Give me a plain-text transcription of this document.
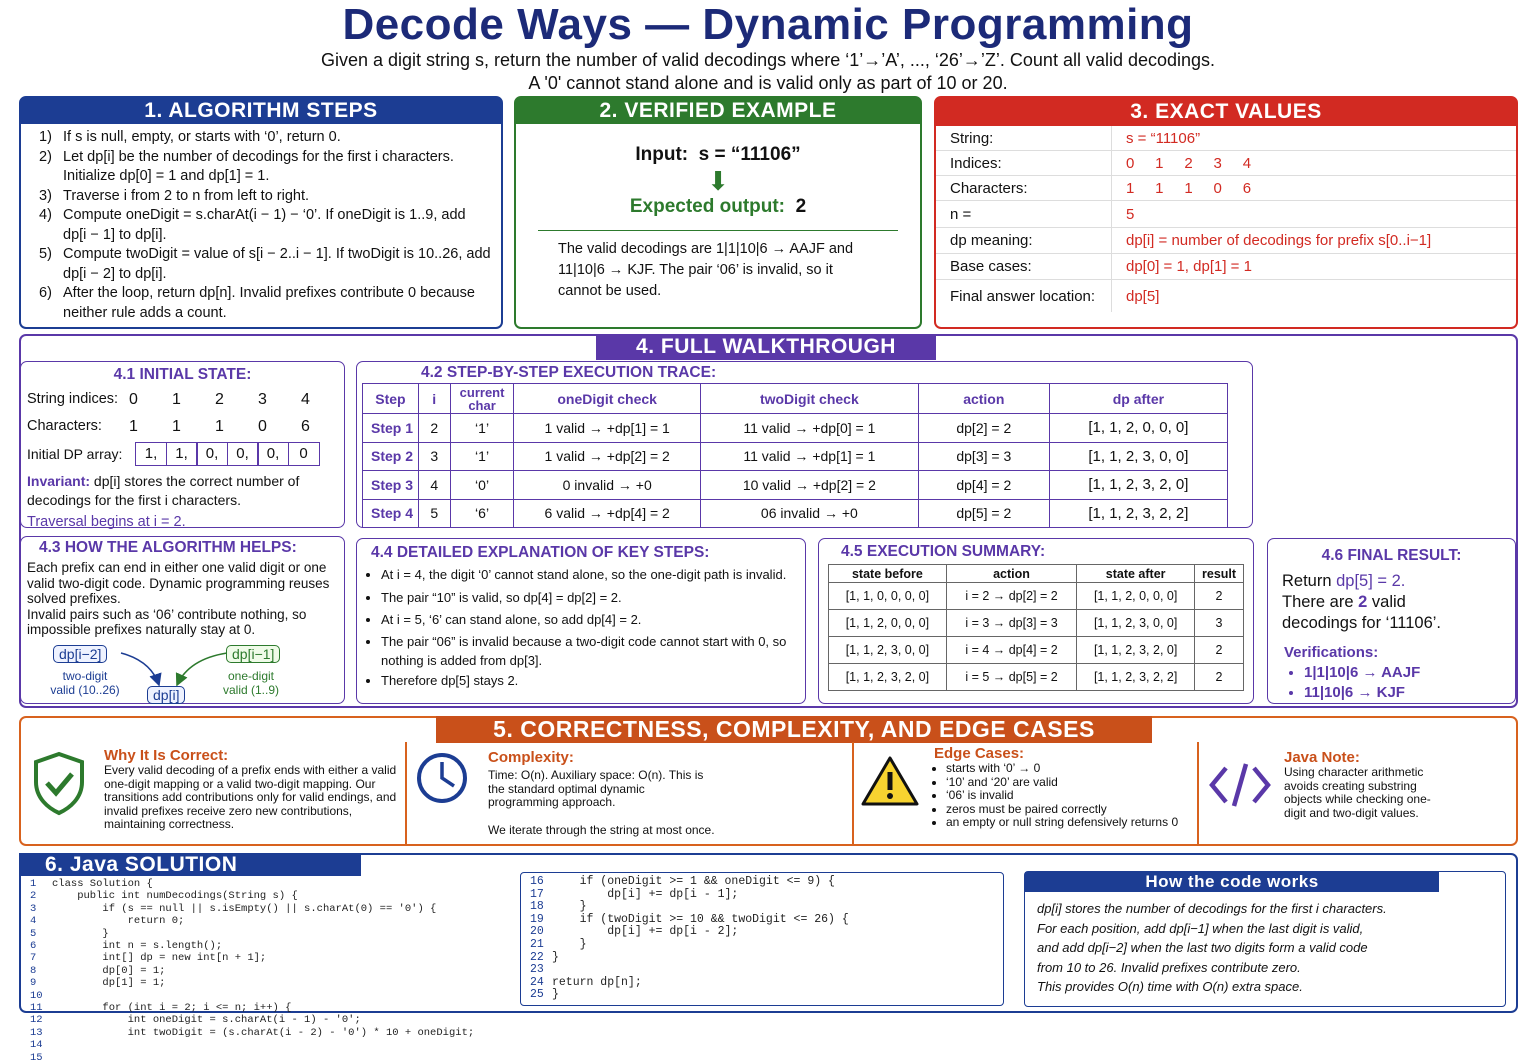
Decode Ways — Dynamic Programming
Given a digit string s, return the number of valid decodings where ‘1’→’A’, ..., ‘26’→’Z’. Count all valid decodings.
A '0' cannot stand alone and is valid only as part of 10 or 20.
1. ALGORITHM STEPS
1) If s is null, empty, or starts with ‘0’, return 0.
2) Let dp[i] be the number of decodings for the first i characters. Initialize dp[0] = 1 and dp[1] = 1.
3) Traverse i from 2 to n from left to right.
4) Compute oneDigit = s.charAt(i − 1) − ‘0’. If oneDigit is 1..9, add dp[i − 1] to dp[i].
5) Compute twoDigit = value of s[i − 2..i − 1]. If twoDigit is 10..26, add dp[i − 2] to dp[i].
6) After the loop, return dp[n]. Invalid prefixes contribute 0 because neither rule adds a count.
2. VERIFIED EXAMPLE
Input: s = “11106”
⬇
Expected output: 2
The valid decodings are 1|1|10|6 → AAJF and 11|10|6 → KJF. The pair ‘06’ is invalid, so it cannot be used.
3. EXACT VALUES
String:	s = “11106”
Indices:	0     1     2     3     4
Characters:	1     1     1     0     6
n =	5
dp meaning:	dp[i] = number of decodings for prefix s[0..i−1]
Base cases:	dp[0] = 1, dp[1] = 1
Final answer location:	dp[5]
4. FULL WALKTHROUGH
4.1 INITIAL STATE:
String indices: 0	1	2	3	4
Characters:	1	1	1	0	6
Initial DP array:	1,	1,	0,	0,	0,	0
Invariant: dp[i] stores the correct number of decodings for the first i characters.
Traversal begins at i = 2.
4.2 STEP-BY-STEP EXECUTION TRACE:
Step	i	current char	oneDigit check	twoDigit check	action	dp after
Step 1	2	‘1’	1 valid → +dp[1] = 1	11 valid → +dp[0] = 1	dp[2] = 2	[1, 1, 2, 0, 0, 0]
Step 2	3	‘1’	1 valid → +dp[2] = 2	11 valid → +dp[1] = 1	dp[3] = 3	[1, 1, 2, 3, 0, 0]
Step 3	4	‘0’	0 invalid → +0	10 valid → +dp[2] = 2	dp[4] = 2	[1, 1, 2, 3, 2, 0]
Step 4	5	‘6’	6 valid → +dp[4] = 2	06 invalid → +0	dp[5] = 2	[1, 1, 2, 3, 2, 2]
4.3 HOW THE ALGORITHM HELPS:
Each prefix can end in either one valid digit or one valid two-digit code. Dynamic programming reuses solved prefixes.
Invalid pairs such as ‘06’ contribute nothing, so impossible prefixes naturally stay at 0.
dp[i−2]	dp[i−1]
dp[i]
two-digit
valid (10..26)
one-digit
valid (1..9)
4.4 DETAILED EXPLANATION OF KEY STEPS:
• At i = 4, the digit ‘0’ cannot stand alone, so the one-digit path is invalid.
• The pair “10” is valid, so dp[4] = dp[2] = 2.
• At i = 5, ‘6’ can stand alone, so add dp[4] = 2.
• The pair “06” is invalid because a two-digit code cannot start with 0, so nothing is added from dp[3].
• Therefore dp[5] stays 2.
4.5 EXECUTION SUMMARY:
state before	action	state after	result
[1, 1, 0, 0, 0, 0]	i = 2 → dp[2] = 2	[1, 1, 2, 0, 0, 0]	2
[1, 1, 2, 0, 0, 0]	i = 3 → dp[3] = 3	[1, 1, 2, 3, 0, 0]	3
[1, 1, 2, 3, 0, 0]	i = 4 → dp[4] = 2	[1, 1, 2, 3, 2, 0]	2
[1, 1, 2, 3, 2, 0]	i = 5 → dp[5] = 2	[1, 1, 2, 3, 2, 2]	2
4.6 FINAL RESULT:
Return dp[5] = 2.
There are 2 valid
decodings for ‘11106’.
Verifications:
• 1|1|10|6 → AAJF
• 11|10|6 → KJF
5. CORRECTNESS, COMPLEXITY, AND EDGE CASES
Why It Is Correct:
Every valid decoding of a prefix ends with either a valid one-digit mapping or a valid two-digit mapping. Our transitions add contributions only for valid endings, and invalid prefixes receive zero new contributions, maintaining correctness.
Complexity:
Time: O(n). Auxiliary space: O(n). This is the standard optimal dynamic programming approach.
We iterate through the string at most once.
Edge Cases:
• starts with ‘0’ → 0
• ‘10’ and ‘20’ are valid
• ‘06’ is invalid
• zeros must be paired correctly
• an empty or null string defensively returns 0
Java Note:
Using character arithmetic avoids creating substring objects while checking one-digit and two-digit values.
6. Java SOLUTION
1 class Solution {
2    public int numDecodings(String s) {
3        if (s == null || s.isEmpty() || s.charAt(0) == '0') {
4            return 0;
5        }
6        int n = s.length();
7        int[] dp = new int[n + 1];
8        dp[0] = 1;
9        dp[1] = 1;
10
11        for (int i = 2; i <= n; i++) {
12            int oneDigit = s.charAt(i - 1) - '0';
13            int twoDigit = (s.charAt(i - 2) - '0') * 10 + oneDigit;
14
15
16    if (oneDigit >= 1 && oneDigit <= 9) {
17        dp[i] += dp[i - 1];
18    }
19    if (twoDigit >= 10 && twoDigit <= 26) {
20        dp[i] += dp[i - 2];
21    }
22 }
23
24 return dp[n];
25 }
How the code works
dp[i] stores the number of decodings for the first i characters.
For each position, add dp[i−1] when the last digit is valid,
and add dp[i−2] when the last two digits form a valid code
from 10 to 26. Invalid prefixes contribute zero.
This provides O(n) time with O(n) extra space.
